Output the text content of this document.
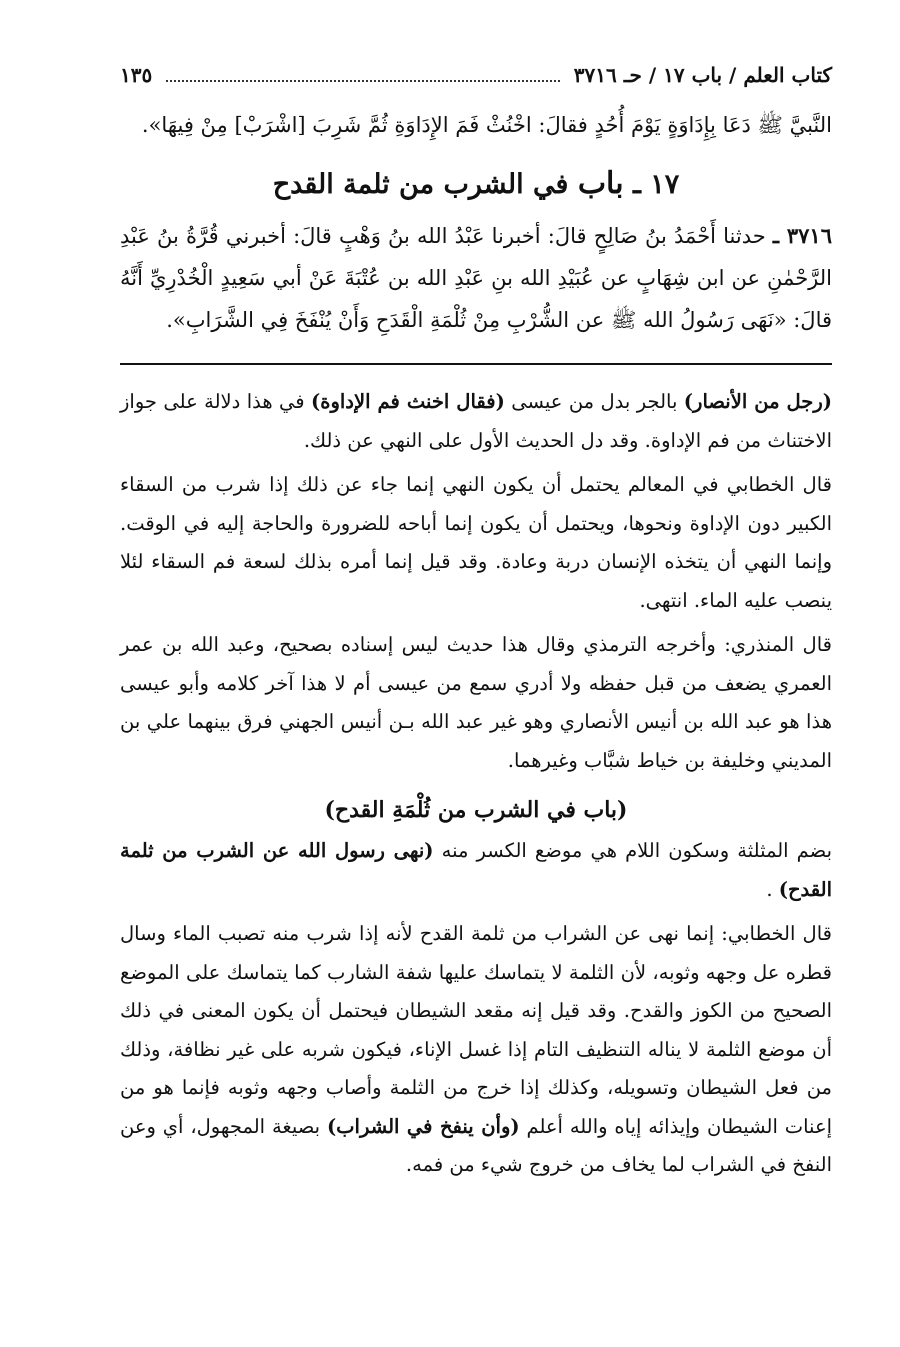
كتاب العلم / باب ١٧ / حـ ٣٧١٦
١٣٥
النَّبيَّ ﷺ دَعَا بِإِدَاوَةٍ يَوْمَ أُحُدٍ فقالَ: اخْنُثْ فَمَ الإِدَاوَةِ ثُمَّ شَرِبَ [اشْرَبْ] مِنْ فِيهَا».
١٧ ـ باب في الشرب من ثلمة القدح
٣٧١٦ ـ حدثنا أَحْمَدُ بنُ صَالِحٍ قالَ: أخبرنا عَبْدُ الله بنُ وَهْبٍ قالَ: أخبرني قُرَّةُ بنُ عَبْدِ الرَّحْمٰنِ عن ابن شِهَابٍ عن عُبَيْدِ الله بنِ عَبْدِ الله بن عُتْبَةَ عَنْ أبي سَعِيدٍ الْخُدْرِيِّ أَنَّهُ قالَ: «نَهَى رَسُولُ الله ﷺ عن الشُّرْبِ مِنْ ثُلْمَةِ الْقَدَحِ وَأَنْ يُنْفَخَ فِي الشَّرَابِ».

(رجل من الأنصار) بالجر بدل من عيسى (فقال اخنث فم الإداوة) في هذا دلالة على جواز الاختناث من فم الإداوة. وقد دل الحديث الأول على النهي عن ذلك.

قال الخطابي في المعالم يحتمل أن يكون النهي إنما جاء عن ذلك إذا شرب من السقاء الكبير دون الإداوة ونحوها، ويحتمل أن يكون إنما أباحه للضرورة والحاجة إليه في الوقت. وإنما النهي أن يتخذه الإنسان دربة وعادة. وقد قيل إنما أمره بذلك لسعة فم السقاء لئلا ينصب عليه الماء. انتهى.

قال المنذري: وأخرجه الترمذي وقال هذا حديث ليس إسناده بصحيح، وعبد الله بن عمر العمري يضعف من قبل حفظه ولا أدري سمع من عيسى أم لا هذا آخر كلامه وأبو عيسى هذا هو عبد الله بن أنيس الأنصاري وهو غير عبد الله بـن أنيس الجهني فرق بينهما علي بن المديني وخليفة بن خياط شبَّاب وغيرهما.

(باب في الشرب من ثُلْمَةِ القدح)

بضم المثلثة وسكون اللام هي موضع الكسر منه (نهى رسول الله عن الشرب من ثلمة القدح) .

قال الخطابي: إنما نهى عن الشراب من ثلمة القدح لأنه إذا شرب منه تصبب الماء وسال قطره عل وجهه وثوبه، لأن الثلمة لا يتماسك عليها شفة الشارب كما يتماسك على الموضع الصحيح من الكوز والقدح. وقد قيل إنه مقعد الشيطان فيحتمل أن يكون المعنى في ذلك أن موضع الثلمة لا يناله التنظيف التام إذا غسل الإناء، فيكون شربه على غير نظافة، وذلك من فعل الشيطان وتسويله، وكذلك إذا خرج من الثلمة وأصاب وجهه وثوبه فإنما هو من إعنات الشيطان وإيذائه إياه والله أعلم (وأن ينفخ في الشراب) بصيغة المجهول، أي وعن النفخ في الشراب لما يخاف من خروج شيء من فمه.
